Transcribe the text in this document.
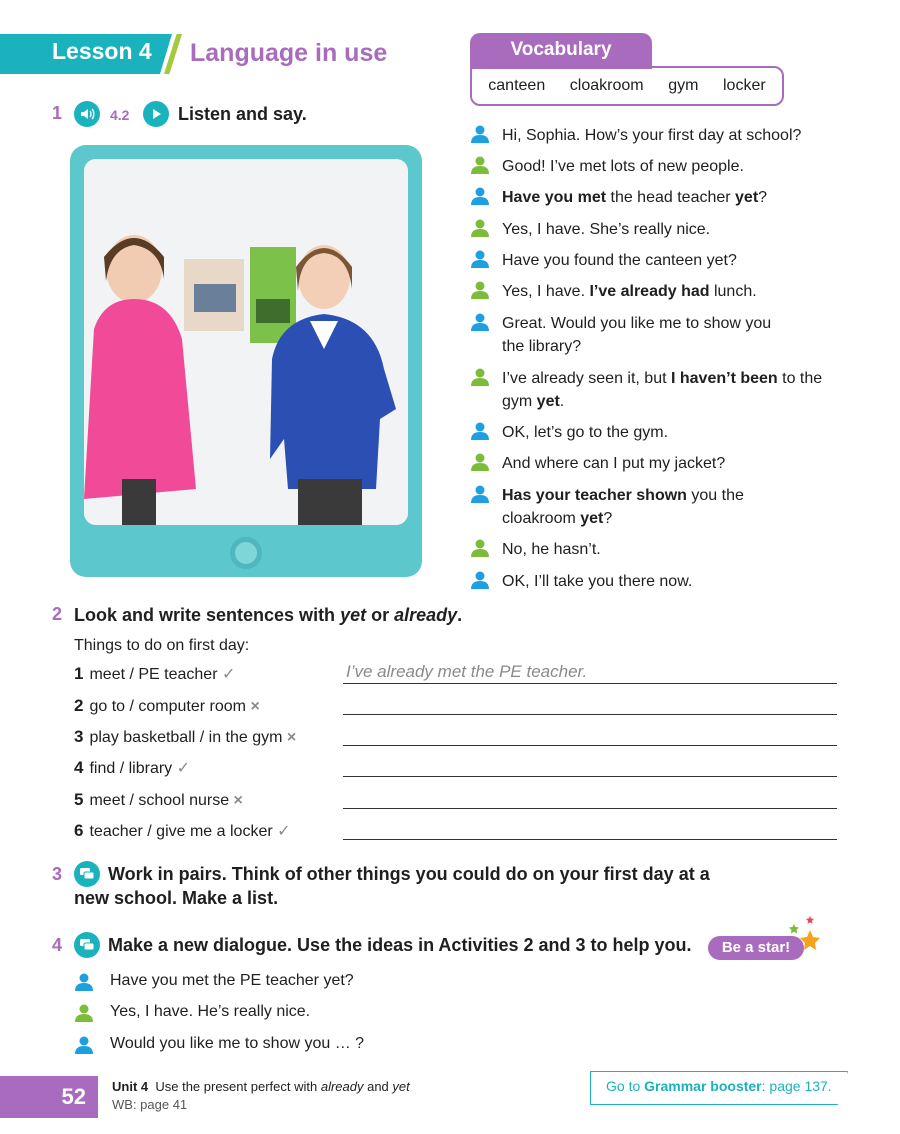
Lesson 4 Language in use	Vocabulary
canteen cloakroom gym locker
1	4.2	Listen and say.
Hi, Sophia. How’s your first day at school?
Good! I’ve met lots of new people.
Have you met the head teacher yet?
Yes, I have. She’s really nice.
Have you found the canteen yet?
Yes, I have. I’ve already had lunch.
Great. Would you like me to show you
the library?
I’ve already seen it, but I haven’t been to the
gym yet.
OK, let’s go to the gym.
And where can I put my jacket?
Has your teacher shown you the
cloakroom yet?
No, he hasn’t.
OK, I’ll take you there now.
2 Look and write sentences with yet or already.
Things to do on first day:
1 meet / PE teacher ✓
2 go to / computer room ×
3 play basketball / in the gym ×
4 find / library ✓
5 meet / school nurse ×
6 teacher / give me a locker ✓
I’ve already met the PE teacher.
3	Work in pairs. Think of other things you could do on your first day at a
new school. Make a list.
4	Make a new dialogue. Use the ideas in Activities 2 and 3 to help you.	Be a star!
Have you met the PE teacher yet?
Yes, I have. He’s really nice.
Would you like me to show you … ?
52	Unit 4 Use the present perfect with already and yet
WB: page 41
Go to Grammar booster: page 137.
